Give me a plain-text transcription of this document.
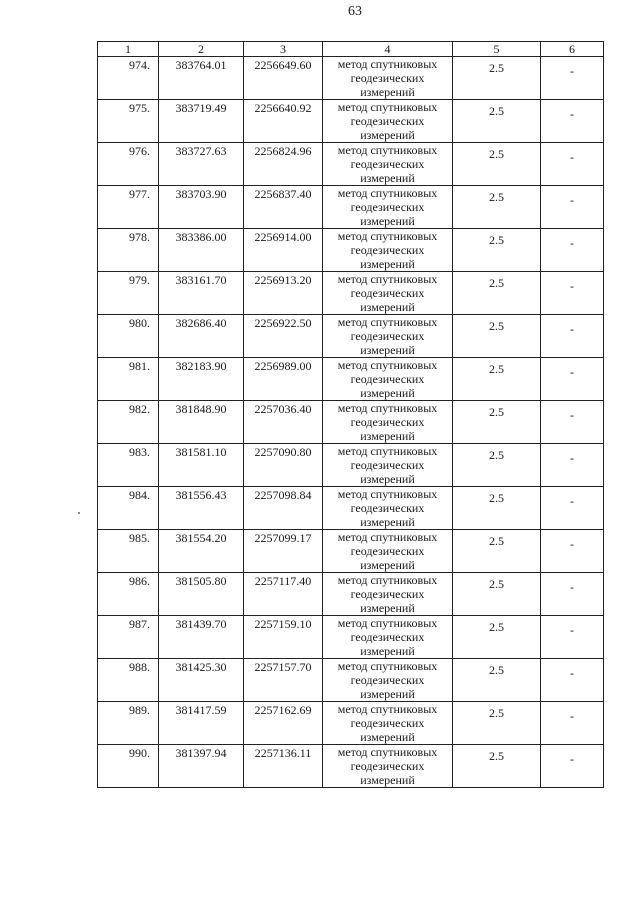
63
1	2	3	4	5	6

974.	383764.01	2256649.60	метод спутниковых геодезических измерений	2.5	-

975.	383719.49	2256640.92	метод спутниковых геодезических измерений	2.5	-

976.	383727.63	2256824.96	метод спутниковых геодезических измерений	2.5	-

977.	383703.90	2256837.40	метод спутниковых геодезических измерений	2.5	-

978.	383386.00	2256914.00	метод спутниковых геодезических измерений	2.5	-

979.	383161.70	2256913.20	метод спутниковых геодезических измерений	2.5	-

980.	382686.40	2256922.50	метод спутниковых геодезических измерений	2.5	-

981.	382183.90	2256989.00	метод спутниковых геодезических измерений	2.5	-

982.	381848.90	2257036.40	метод спутниковых геодезических измерений	2.5	-

983.	381581.10	2257090.80	метод спутниковых геодезических измерений	2.5	-

984.	381556.43	2257098.84	метод спутниковых геодезических измерений	2.5	-

985.	381554.20	2257099.17	метод спутниковых геодезических измерений	2.5	-

986.	381505.80	2257117.40	метод спутниковых геодезических измерений	2.5	-

987.	381439.70	2257159.10	метод спутниковых геодезических измерений	2.5	-

988.	381425.30	2257157.70	метод спутниковых геодезических измерений	2.5	-

989.	381417.59	2257162.69	метод спутниковых геодезических измерений	2.5	-

990.	381397.94	2257136.11	метод спутниковых геодезических измерений	2.5	-
